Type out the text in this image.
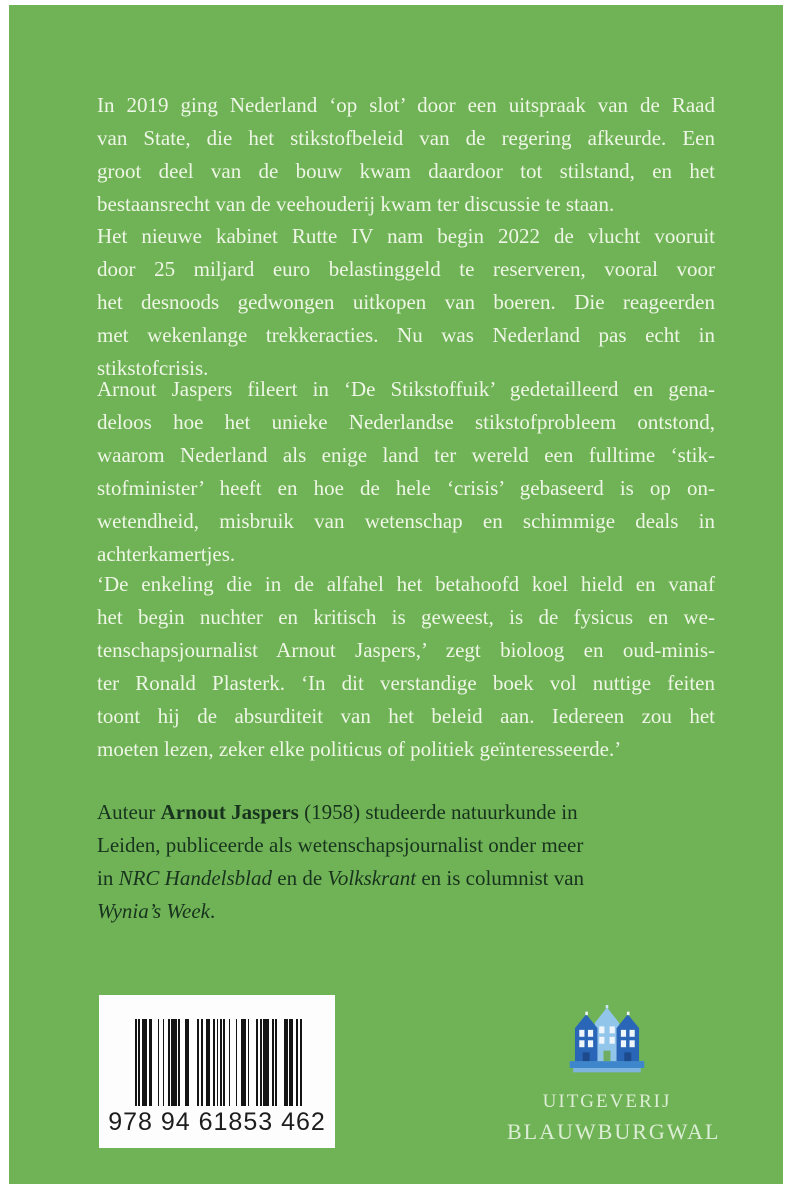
In 2019 ging Nederland ‘op slot’ door een uitspraak van de Raad
van State, die het stikstofbeleid van de regering afkeurde. Een
groot deel van de bouw kwam daardoor tot stilstand, en het
bestaansrecht van de veehouderij kwam ter discussie te staan.
Het nieuwe kabinet Rutte IV nam begin 2022 de vlucht vooruit
door 25 miljard euro belastinggeld te reserveren, vooral voor
het desnoods gedwongen uitkopen van boeren. Die reageerden
met wekenlange trekkeracties. Nu was Nederland pas echt in
stikstofcrisis.
Arnout Jaspers fileert in ‘De Stikstoffuik’ gedetailleerd en gena-
deloos hoe het unieke Nederlandse stikstofprobleem ontstond,
waarom Nederland als enige land ter wereld een fulltime ‘stik-
stofminister’ heeft en hoe de hele ‘crisis’ gebaseerd is op on-
wetendheid, misbruik van wetenschap en schimmige deals in
achterkamertjes.
‘De enkeling die in de alfahel het betahoofd koel hield en vanaf
het begin nuchter en kritisch is geweest, is de fysicus en we-
tenschapsjournalist Arnout Jaspers,’ zegt bioloog en oud-minis-
ter Ronald Plasterk. ‘In dit verstandige boek vol nuttige feiten
toont hij de absurditeit van het beleid aan. Iedereen zou het
moeten lezen, zeker elke politicus of politiek geïnteresseerde.’
Auteur Arnout Jaspers (1958) studeerde natuurkunde in
Leiden, publiceerde als wetenschapsjournalist onder meer
in NRC Handelsblad en de Volkskrant en is columnist van
Wynia’s Week.
978 94 61853 462
UITGEVERIJ
BLAUWBURGWAL
